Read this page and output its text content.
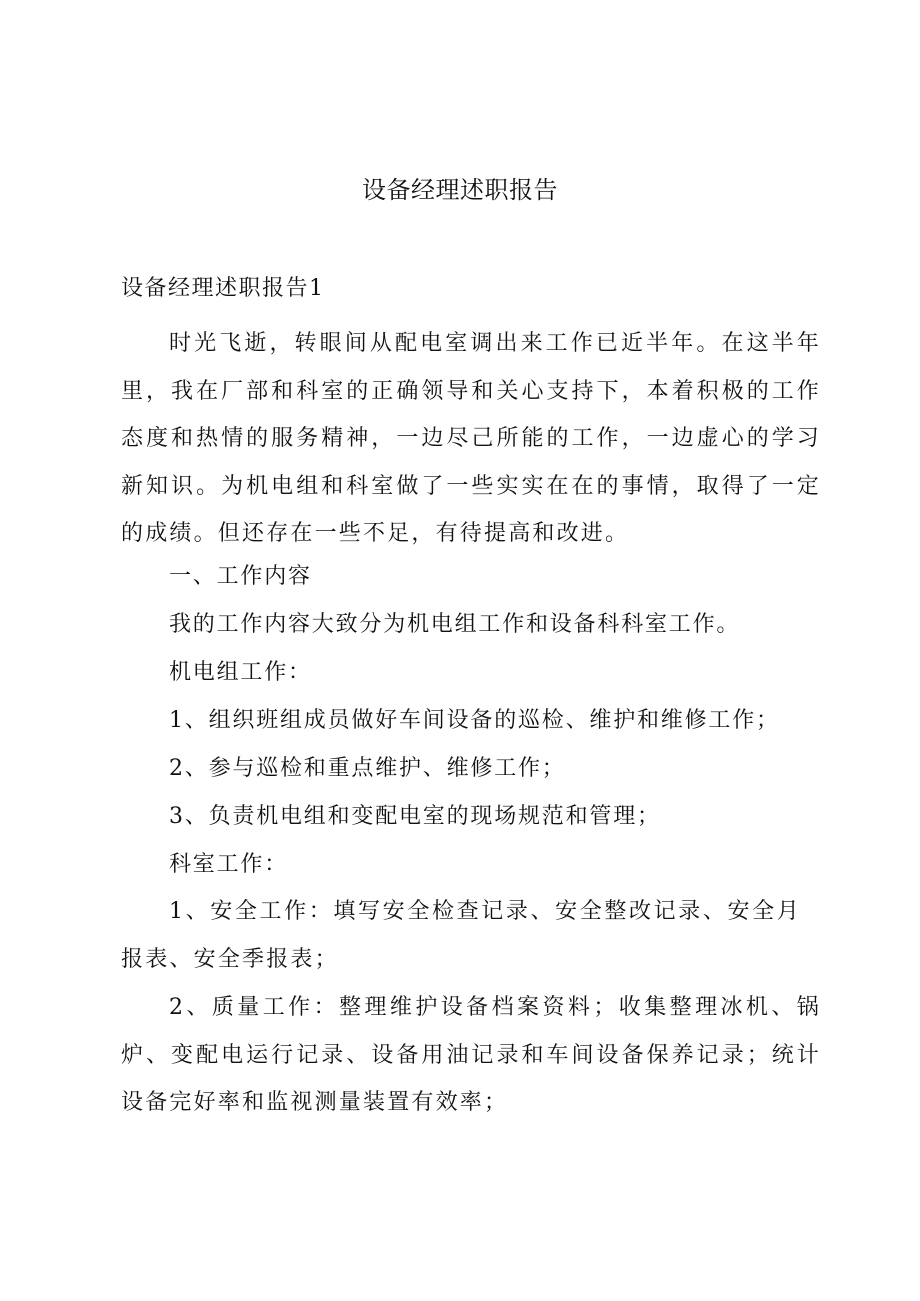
设备经理述职报告
设备经理述职报告1
时光飞逝，转眼间从配电室调出来工作已近半年。在这半年里，我在厂部和科室的正确领导和关心支持下，本着积极的工作态度和热情的服务精神，一边尽己所能的工作，一边虚心的学习新知识。为机电组和科室做了一些实实在在的事情，取得了一定的成绩。但还存在一些不足，有待提高和改进。
一、工作内容
我的工作内容大致分为机电组工作和设备科科室工作。
机电组工作：
1、组织班组成员做好车间设备的巡检、维护和维修工作；
2、参与巡检和重点维护、维修工作；
3、负责机电组和变配电室的现场规范和管理；
科室工作：
1、安全工作：填写安全检查记录、安全整改记录、安全月报表、安全季报表；
2、质量工作：整理维护设备档案资料；收集整理冰机、锅炉、变配电运行记录、设备用油记录和车间设备保养记录；统计设备完好率和监视测量装置有效率；
